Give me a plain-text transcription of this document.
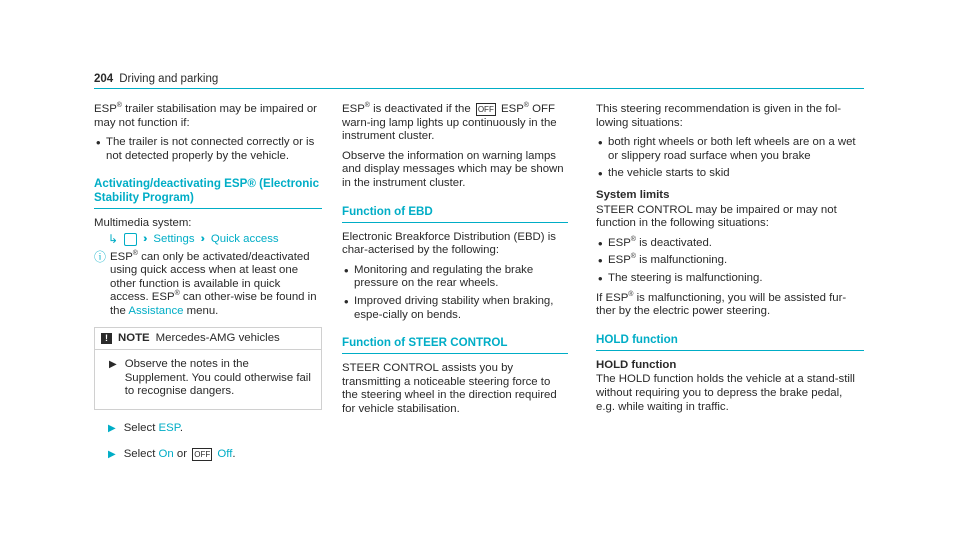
204 Driving and parking

ESP® trailer stabilisation may be impaired or may not function if:

• The trailer is not connected correctly or is not detected properly by the vehicle.
Activating/deactivating ESP® (Electronic Stability Program)

Multimedia system:

↳ ›› Settings ›› Quick access
ⓘ ESP® can only be activated/deactivated using quick access when at least one other function is available in quick access. ESP® can other-wise be found in the Assistance menu.
! NOTE Mercedes-AMG vehicles
▶ Observe the notes in the Supplement. You could otherwise fail to recognise dangers.
▶ Select ESP.
▶ Select On or OFF Off.

ESP® is deactivated if the OFF ESP® OFF warn-ing lamp lights up continuously in the instrument cluster.

Observe the information on warning lamps and display messages which may be shown in the instrument cluster.

Function of EBD

Electronic Breakforce Distribution (EBD) is char-acterised by the following:

• Monitoring and regulating the brake pressure on the rear wheels.
• Improved driving stability when braking, espe-cially on bends.
Function of STEER CONTROL

STEER CONTROL assists you by transmitting a noticeable steering force to the steering wheel in the direction required for vehicle stabilisation.

This steering recommendation is given in the fol-lowing situations:

• both right wheels or both left wheels are on a wet or slippery road surface when you brake
• the vehicle starts to skid
System limits

STEER CONTROL may be impaired or may not function in the following situations:

• ESP® is deactivated.
• ESP® is malfunctioning.
• The steering is malfunctioning.

If ESP® is malfunctioning, you will be assisted fur-ther by the electric power steering.

HOLD function
HOLD function

The HOLD function holds the vehicle at a stand-still without requiring you to depress the brake pedal, e.g. while waiting in traffic.
